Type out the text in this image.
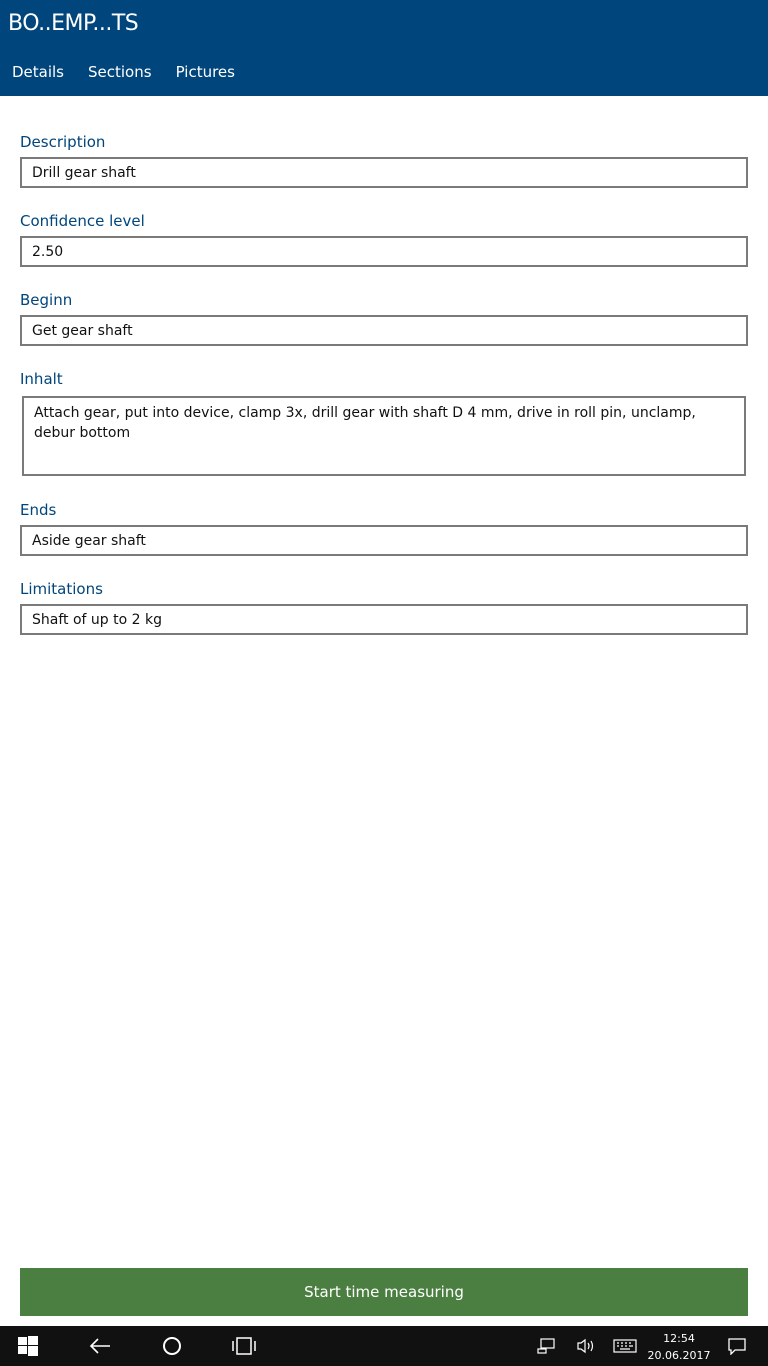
BO..EMP...TS
Details	Sections	Pictures
Description
Drill gear shaft
Confidence level
2.50
Beginn
Get gear shaft
Inhalt
Attach gear, put into device, clamp 3x, drill gear with shaft D 4 mm, drive in roll pin, unclamp, debur bottom
Ends
Aside gear shaft
Limitations
Shaft of up to 2 kg
Start time measuring
12:54
20.06.2017
